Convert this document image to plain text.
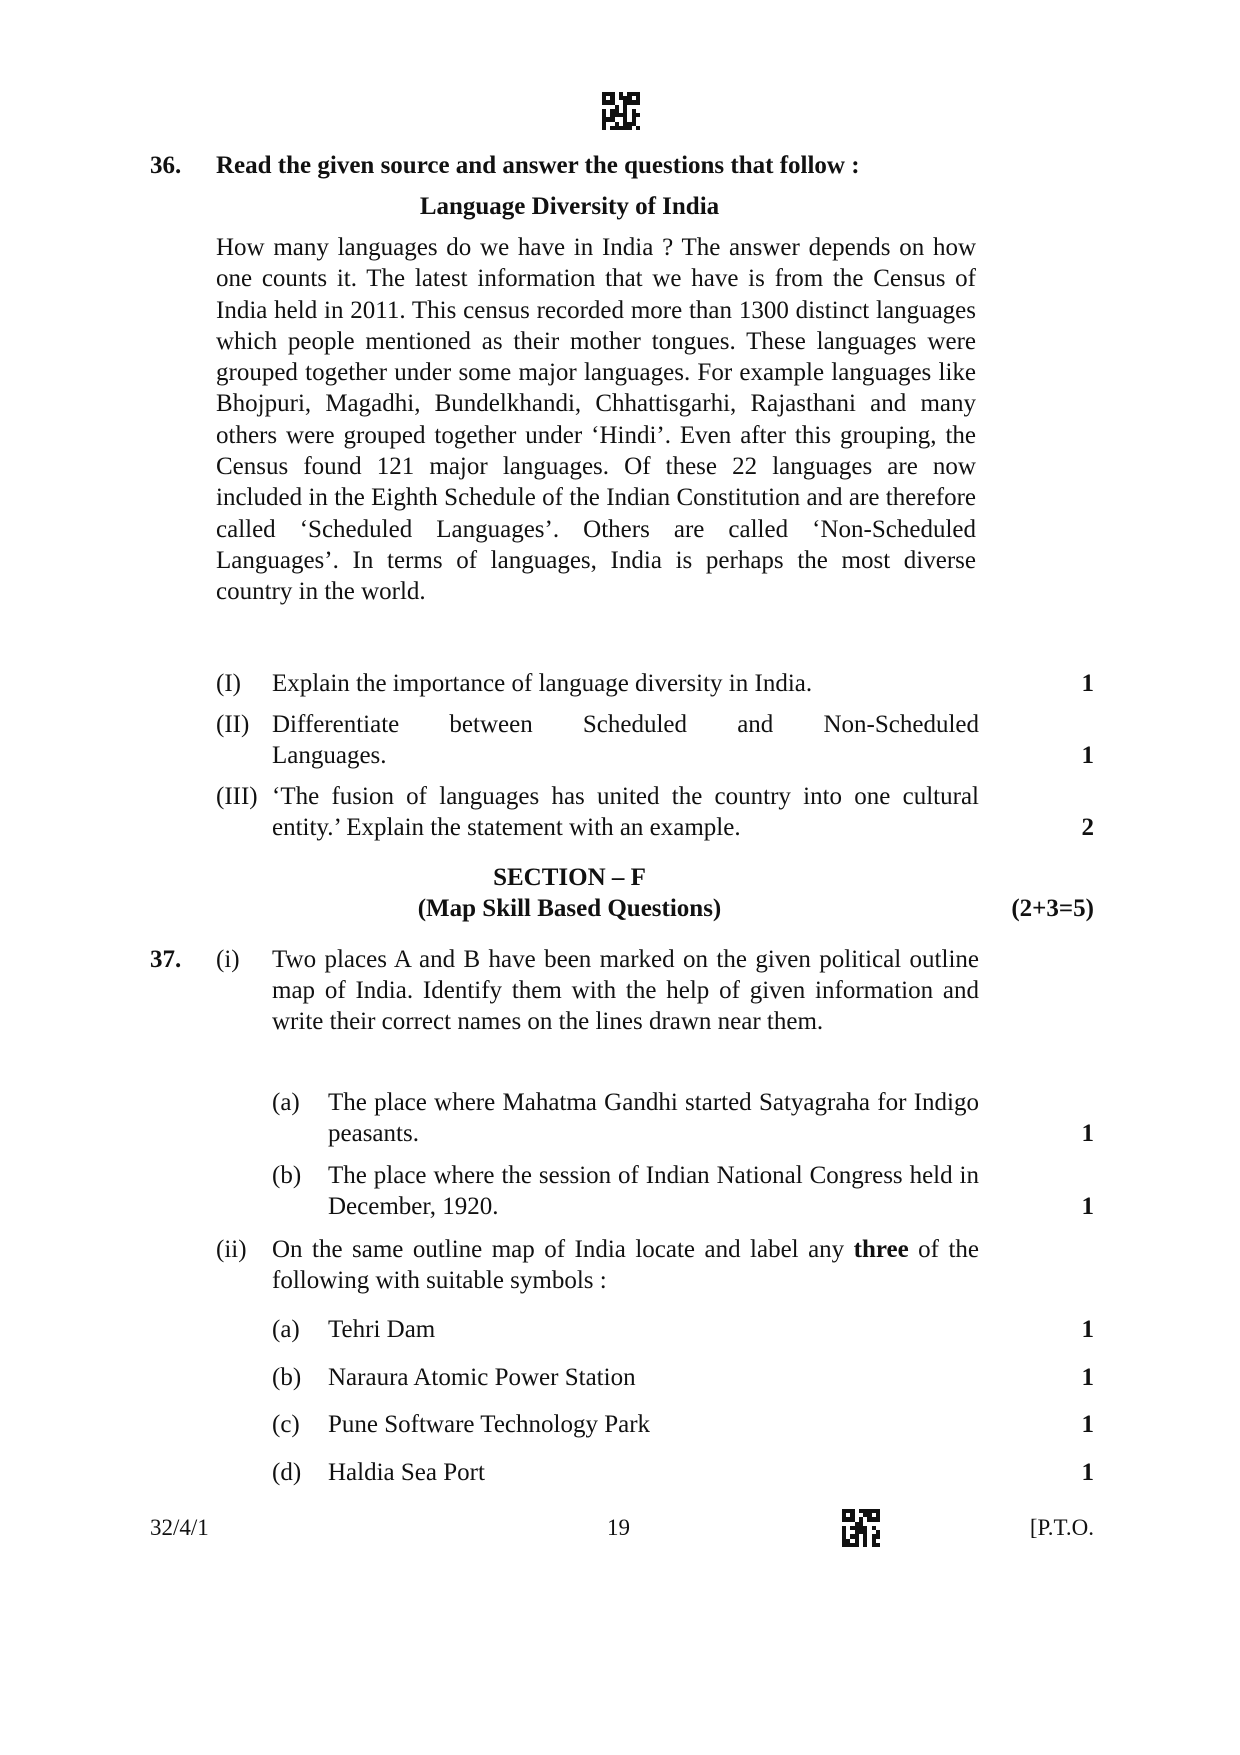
36. Read the given source and answer the questions that follow :
Language Diversity of India
How many languages do we have in India ? The answer depends on how one counts it. The latest information that we have is from the Census of India held in 2011. This census recorded more than 1300 distinct languages which people mentioned as their mother tongues. These languages were grouped together under some major languages. For example languages like Bhojpuri, Magadhi, Bundelkhandi, Chhattisgarhi, Rajasthani and many others were grouped together under ‘Hindi’. Even after this grouping, the Census found 121 major languages. Of these 22 languages are now included in the Eighth Schedule of the Indian Constitution and are therefore called ‘Scheduled Languages’. Others are called ‘Non-Scheduled Languages’. In terms of languages, India is perhaps the most diverse country in the world.
(I) Explain the importance of language diversity in India.	1
(II) Differentiate between Scheduled and Non-Scheduled
Languages.	1
(III) ‘The fusion of languages has united the country into one cultural entity.’ Explain the statement with an example.	2
SECTION – F
(Map Skill Based Questions)	(2+3=5)
37. (i) Two places A and B have been marked on the given political outline map of India. Identify them with the help of given information and write their correct names on the lines drawn near them.
(a) The place where Mahatma Gandhi started Satyagraha for Indigo peasants.	1
(b) The place where the session of Indian National Congress held in December, 1920.	1
(ii) On the same outline map of India locate and label any three of the following with suitable symbols :
(a) Tehri Dam	1
(b) Naraura Atomic Power Station	1
(c) Pune Software Technology Park	1
(d) Haldia Sea Port	1
32/4/1	19	[P.T.O.
